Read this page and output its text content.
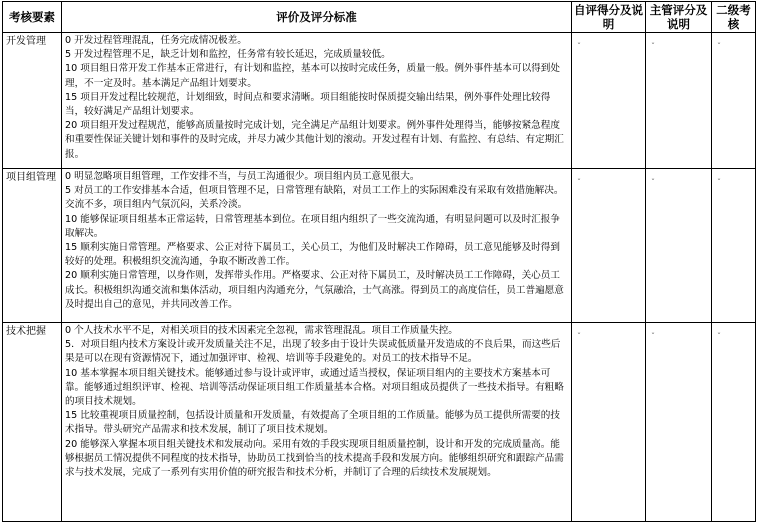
考核要素	评价及评分标准	自评得分及说明	主管评分及说明	二级考核
开发管理	0 开发过程管理混乱，任务完成情况极差。

5 开发过程管理不足，缺乏计划和监控，任务常有较长延迟，完成质量较低。

10 项目组日常开发工作基本正常进行，有计划和监控，基本可以按时完成任务，质量一般。例外事件基本可以得到处理，不一定及时。基本满足产品组计划要求。

15 项目开发过程比较规范，计划细致，时间点和要求清晰。项目组能按时保质提交输出结果，例外事件处理比较得当，较好满足产品组计划要求。

20 项目组开发过程规范，能够高质量按时完成计划，完全满足产品组计划要求。例外事件处理得当，能够按紧急程度和重要性保证关键计划和事件的及时完成，并尽力减少其他计划的滚动。开发过程有计划、有监控、有总结、有定期汇报。	ˇ	ˇ	ˇ
项目组管理	0 明显忽略项目组管理，工作安排不当，与员工沟通很少。项目组内员工意见很大。

5 对员工的工作安排基本合适，但项目管理不足，日常管理有缺陷，对员工工作上的实际困难没有采取有效措施解决。交流不多，项目组内气氛沉闷，关系冷淡。

10 能够保证项目组基本正常运转，日常管理基本到位。在项目组内组织了一些交流沟通，有明显问题可以及时汇报争取解决。

15 顺利实施日常管理。严格要求、公正对待下属员工，关心员工，为他们及时解决工作障碍，员工意见能够及时得到较好的处理。积极组织交流沟通，争取不断改善工作。

20 顺利实施日常管理，以身作则，发挥带头作用。严格要求、公正对待下属员工，及时解决员工工作障碍，关心员工成长。积极组织沟通交流和集体活动，项目组内沟通充分，气氛融洽，士气高涨。得到员工的高度信任，员工普遍愿意及时提出自己的意见，并共同改善工作。	ˇ	ˇ	ˇ
技术把握	0 个人技术水平不足，对相关项目的技术因素完全忽视，需求管理混乱。项目工作质量失控。

5．对项目组内技术方案设计或开发质量关注不足，出现了较多由于设计失误或低质量开发造成的不良后果，而这些后果是可以在现有资源情况下，通过加强评审、检视、培训等手段避免的。对员工的技术指导不足。

10 基本掌握本项目组关键技术。能够通过参与设计或评审，或通过适当授权，保证项目组内的主要技术方案基本可靠。能够通过组织评审、检视、培训等活动保证项目组工作质量基本合格。对项目组成员提供了一些技术指导。有粗略的项目技术规划。

15 比较重视项目质量控制，包括设计质量和开发质量，有效提高了全项目组的工作质量。能够为员工提供所需要的技术指导。带头研究产品需求和技术发展，制订了项目技术规划。

20 能够深入掌握本项目组关键技术和发展动向。采用有效的手段实现项目组质量控制，设计和开发的完成质量高。能够根据员工情况提供不同程度的技术指导，协助员工找到恰当的技术提高手段和发展方向。能够组织研究和跟踪产品需求与技术发展，完成了一系列有实用价值的研究报告和技术分析，并制订了合理的后续技术发展规划。	ˇ	ˇ	ˇ
